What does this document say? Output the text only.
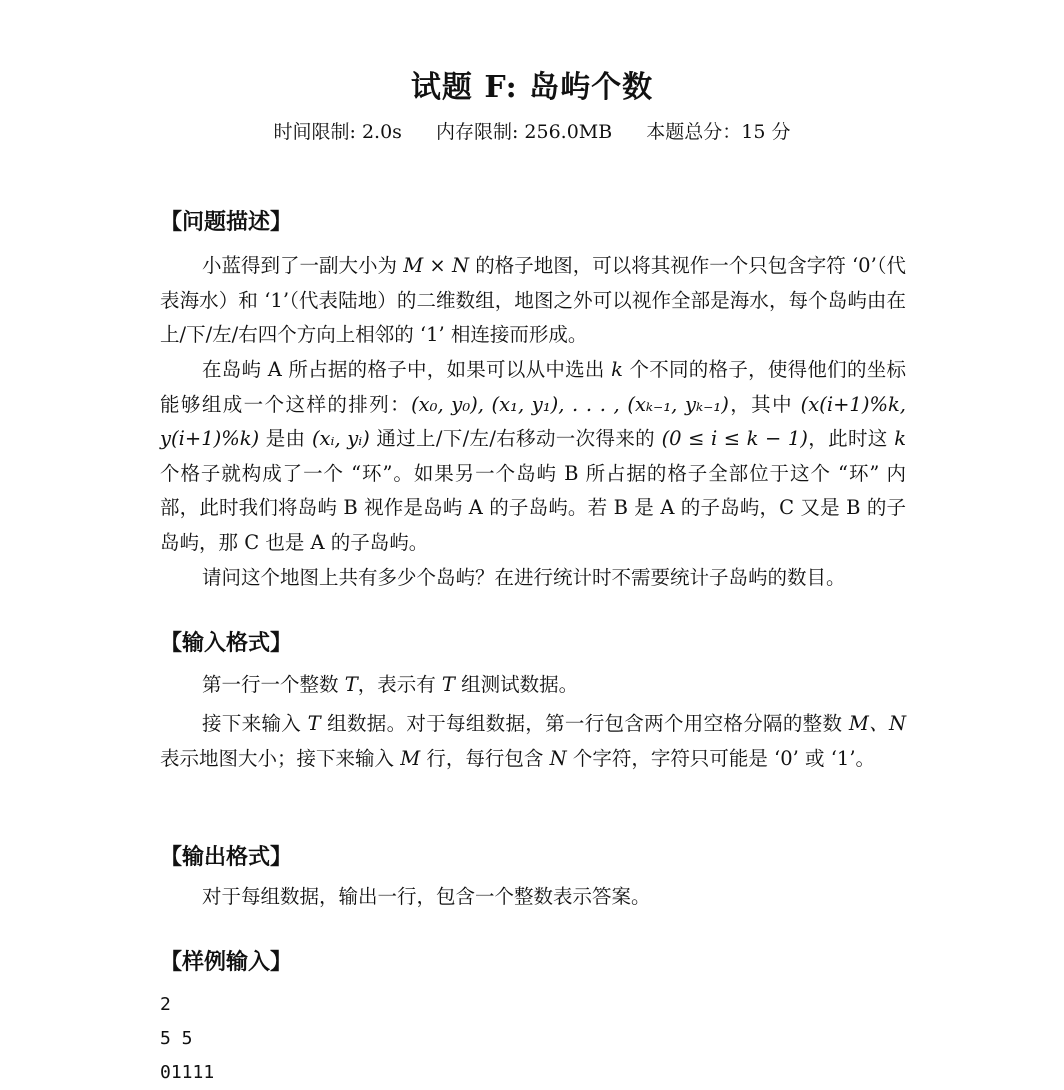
试题 F: 岛屿个数
时间限制: 2.0s 内存限制: 256.0MB 本题总分：15 分
【问题描述】

小蓝得到了一副大小为 M × N 的格子地图，可以将其视作一个只包含字符 ‘0’（代表海水）和 ‘1’（代表陆地）的二维数组，地图之外可以视作全部是海水，每个岛屿由在上/下/左/右四个方向上相邻的 ‘1’ 相连接而形成。

在岛屿 A 所占据的格子中，如果可以从中选出 k 个不同的格子，使得他们的坐标能够组成一个这样的排列：(x₀, y₀), (x₁, y₁), . . . , (xₖ₋₁, yₖ₋₁)，其中 (x(i+1)%k, y(i+1)%k) 是由 (xᵢ, yᵢ) 通过上/下/左/右移动一次得来的 (0 ≤ i ≤ k − 1)，此时这 k 个格子就构成了一个 “环”。如果另一个岛屿 B 所占据的格子全部位于这个 “环” 内部，此时我们将岛屿 B 视作是岛屿 A 的子岛屿。若 B 是 A 的子岛屿，C 又是 B 的子岛屿，那 C 也是 A 的子岛屿。

请问这个地图上共有多少个岛屿？在进行统计时不需要统计子岛屿的数目。

【输入格式】

第一行一个整数 T，表示有 T 组测试数据。

接下来输入 T 组数据。对于每组数据，第一行包含两个用空格分隔的整数 M、N 表示地图大小；接下来输入 M 行，每行包含 N 个字符，字符只可能是 ‘0’ 或 ‘1’。

【输出格式】

对于每组数据，输出一行，包含一个整数表示答案。

【样例输入】
2
5 5
01111
